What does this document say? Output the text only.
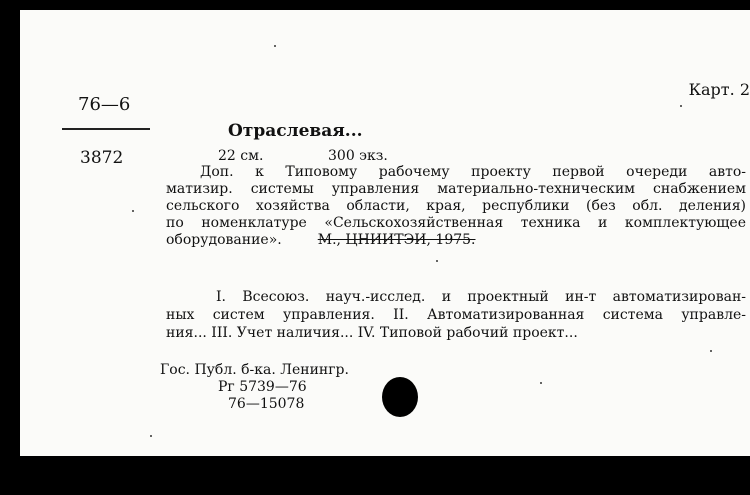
76—6
3872
Карт. 2
Отраслевая...
22 см.	300 экз.
Доп. к Типовому рабочему проекту первой очереди авто-
матизир. системы управления материально-техническим снабжением
сельского хозяйства области, края, республики (без обл. деления)
по номенклатуре «Сельскохозяйственная техника и комплектующее
оборудование».	М., ЦНИИТЭИ, 1975.
I. Всесоюз. науч.-исслед. и проектный ин-т автоматизирован-
ных систем управления. II. Автоматизированная система управле-
ния... III. Учет наличия... IV. Типовой рабочий проект...
Гос. Публ. б-ка. Ленингр.
Рг 5739—76
76—15078
